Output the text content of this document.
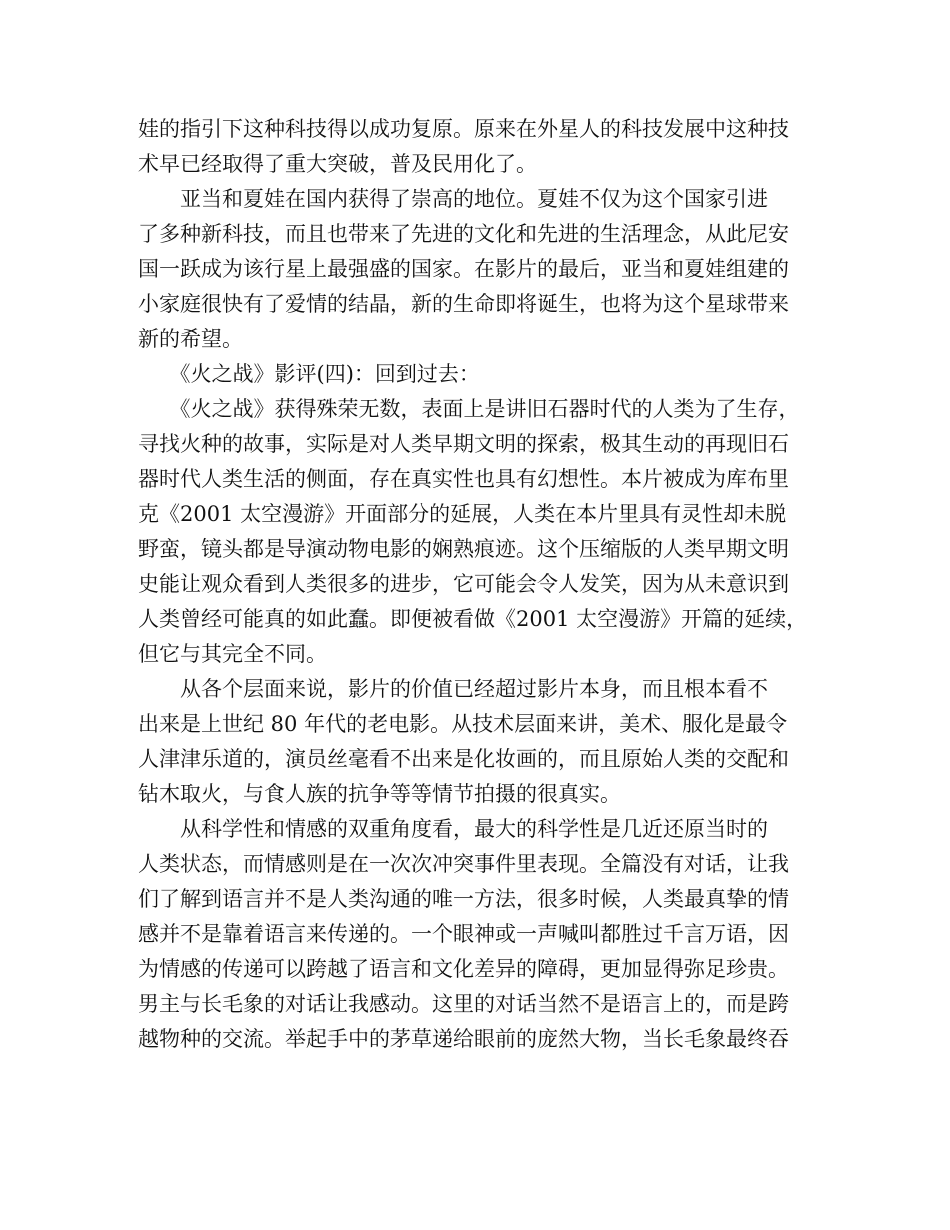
娃的指引下这种科技得以成功复原。原来在外星人的科技发展中这种技
术早已经取得了重大突破，普及民用化了。
　　亚当和夏娃在国内获得了崇高的地位。夏娃不仅为这个国家引进
了多种新科技，而且也带来了先进的文化和先进的生活理念，从此尼安
国一跃成为该行星上最强盛的国家。在影片的最后，亚当和夏娃组建的
小家庭很快有了爱情的结晶，新的生命即将诞生，也将为这个星球带来
新的希望。
　　《火之战》影评(四)：回到过去：
　　《火之战》获得殊荣无数，表面上是讲旧石器时代的人类为了生存，
寻找火种的故事，实际是对人类早期文明的探索，极其生动的再现旧石
器时代人类生活的侧面，存在真实性也具有幻想性。本片被成为库布里
克《2001 太空漫游》开面部分的延展，人类在本片里具有灵性却未脱
野蛮，镜头都是导演动物电影的娴熟痕迹。这个压缩版的人类早期文明
史能让观众看到人类很多的进步，它可能会令人发笑，因为从未意识到
人类曾经可能真的如此蠢。即便被看做《2001 太空漫游》开篇的延续，
但它与其完全不同。
　　从各个层面来说，影片的价值已经超过影片本身，而且根本看不
出来是上世纪 80 年代的老电影。从技术层面来讲，美术、服化是最令
人津津乐道的，演员丝毫看不出来是化妆画的，而且原始人类的交配和
钻木取火，与食人族的抗争等等情节拍摄的很真实。
　　从科学性和情感的双重角度看，最大的科学性是几近还原当时的
人类状态，而情感则是在一次次冲突事件里表现。全篇没有对话，让我
们了解到语言并不是人类沟通的唯一方法，很多时候，人类最真挚的情
感并不是靠着语言来传递的。一个眼神或一声喊叫都胜过千言万语，因
为情感的传递可以跨越了语言和文化差异的障碍，更加显得弥足珍贵。
男主与长毛象的对话让我感动。这里的对话当然不是语言上的，而是跨
越物种的交流。举起手中的茅草递给眼前的庞然大物，当长毛象最终吞
